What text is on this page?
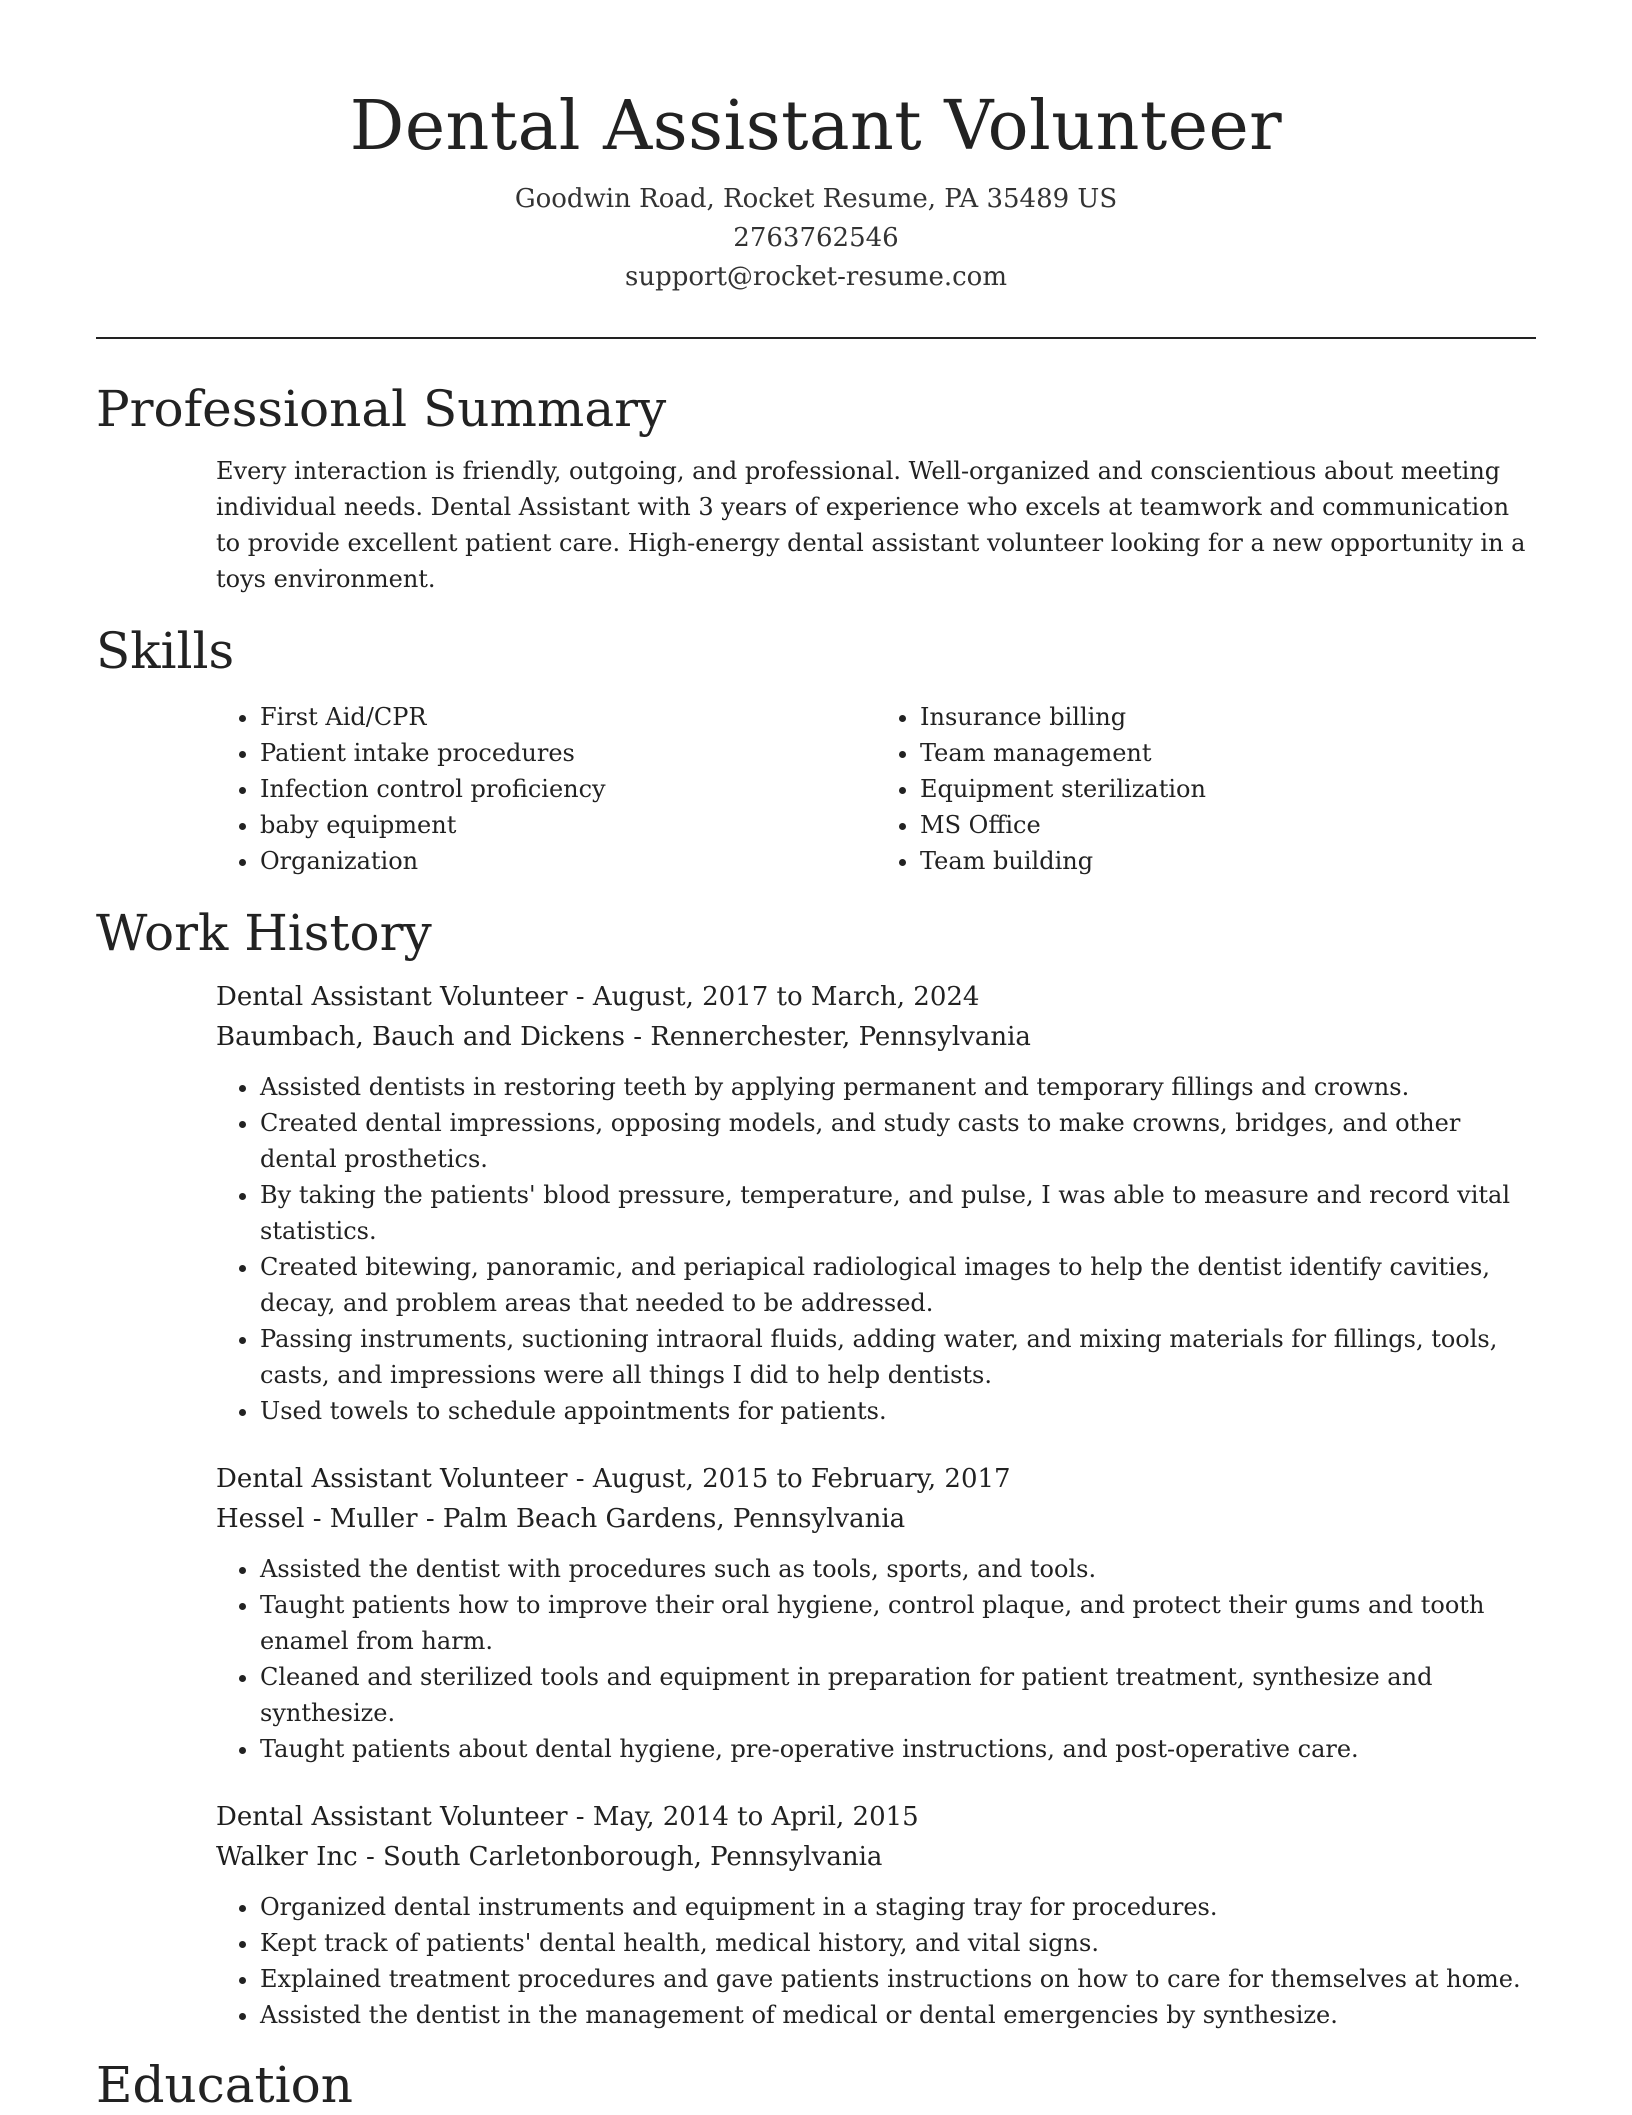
Dental Assistant Volunteer
Goodwin Road, Rocket Resume, PA 35489 US
2763762546
support@rocket-resume.com
Professional Summary
Every interaction is friendly, outgoing, and professional. Well-organized and conscientious about meeting individual needs. Dental Assistant with 3 years of experience who excels at teamwork and communication to provide excellent patient care. High-energy dental assistant volunteer looking for a new opportunity in a toys environment.
Skills
• First Aid/CPR
• Patient intake procedures
• Infection control proficiency
• baby equipment
• Organization
• Insurance billing
• Team management
• Equipment sterilization
• MS Office
• Team building
Work History
Dental Assistant Volunteer - August, 2017 to March, 2024
Baumbach, Bauch and Dickens - Rennerchester, Pennsylvania
• Assisted dentists in restoring teeth by applying permanent and temporary fillings and crowns.
• Created dental impressions, opposing models, and study casts to make crowns, bridges, and other dental prosthetics.
• By taking the patients' blood pressure, temperature, and pulse, I was able to measure and record vital statistics.
• Created bitewing, panoramic, and periapical radiological images to help the dentist identify cavities, decay, and problem areas that needed to be addressed.
• Passing instruments, suctioning intraoral fluids, adding water, and mixing materials for fillings, tools, casts, and impressions were all things I did to help dentists.
• Used towels to schedule appointments for patients.
Dental Assistant Volunteer - August, 2015 to February, 2017
Hessel - Muller - Palm Beach Gardens, Pennsylvania
• Assisted the dentist with procedures such as tools, sports, and tools.
• Taught patients how to improve their oral hygiene, control plaque, and protect their gums and tooth enamel from harm.
• Cleaned and sterilized tools and equipment in preparation for patient treatment, synthesize and synthesize.
• Taught patients about dental hygiene, pre-operative instructions, and post-operative care.
Dental Assistant Volunteer - May, 2014 to April, 2015
Walker Inc - South Carletonborough, Pennsylvania
• Organized dental instruments and equipment in a staging tray for procedures.
• Kept track of patients' dental health, medical history, and vital signs.
• Explained treatment procedures and gave patients instructions on how to care for themselves at home.
• Assisted the dentist in the management of medical or dental emergencies by synthesize.
Education
